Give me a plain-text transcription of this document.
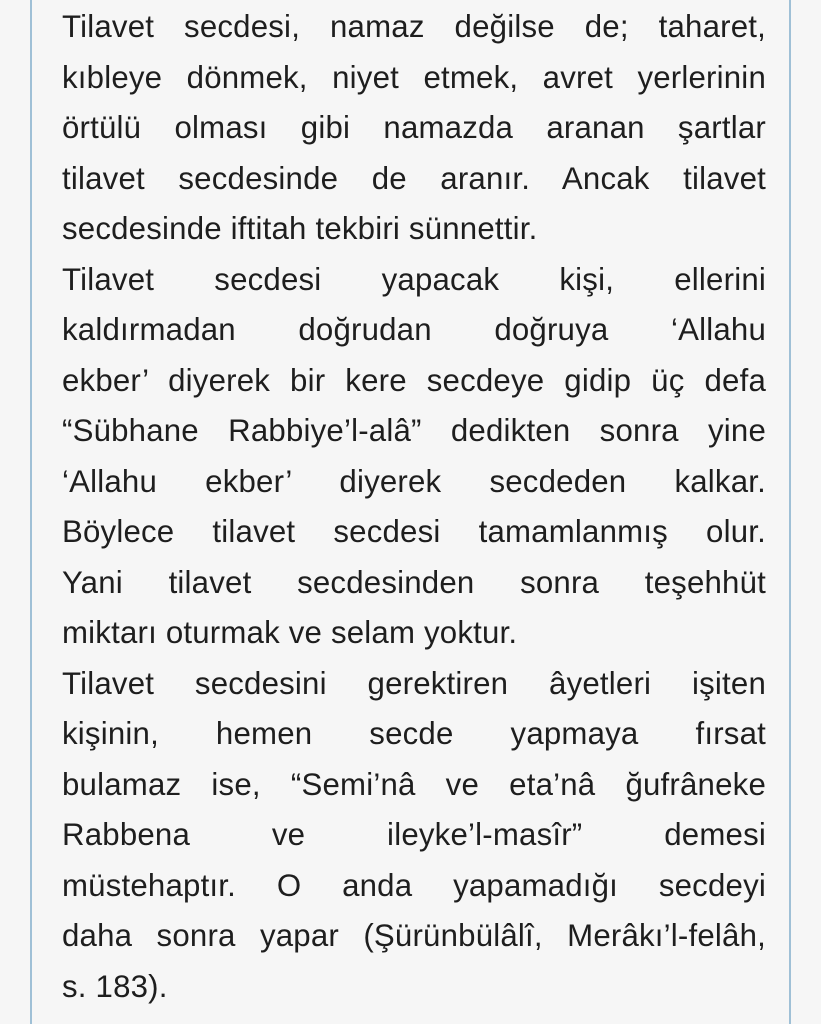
Tilavet secdesi, namaz değilse de; taharet,
kıbleye dönmek, niyet etmek, avret yerlerinin
örtülü olması gibi namazda aranan şartlar
tilavet secdesinde de aranır. Ancak tilavet
secdesinde iftitah tekbiri sünnettir.
Tilavet secdesi yapacak kişi, ellerini
kaldırmadan doğrudan doğruya ‘Allahu
ekber’ diyerek bir kere secdeye gidip üç defa
“Sübhane Rabbiye’l-alâ” dedikten sonra yine
‘Allahu ekber’ diyerek secdeden kalkar.
Böylece tilavet secdesi tamamlanmış olur.
Yani tilavet secdesinden sonra teşehhüt
miktarı oturmak ve selam yoktur.
Tilavet secdesini gerektiren âyetleri işiten
kişinin, hemen secde yapmaya fırsat
bulamaz ise, “Semi’nâ ve eta’nâ ğufrâneke
Rabbena ve ileyke’l-masîr” demesi
müstehaptır. O anda yapamadığı secdeyi
daha sonra yapar (Şürünbülâlî, Merâkı’l-felâh,
s. 183).
